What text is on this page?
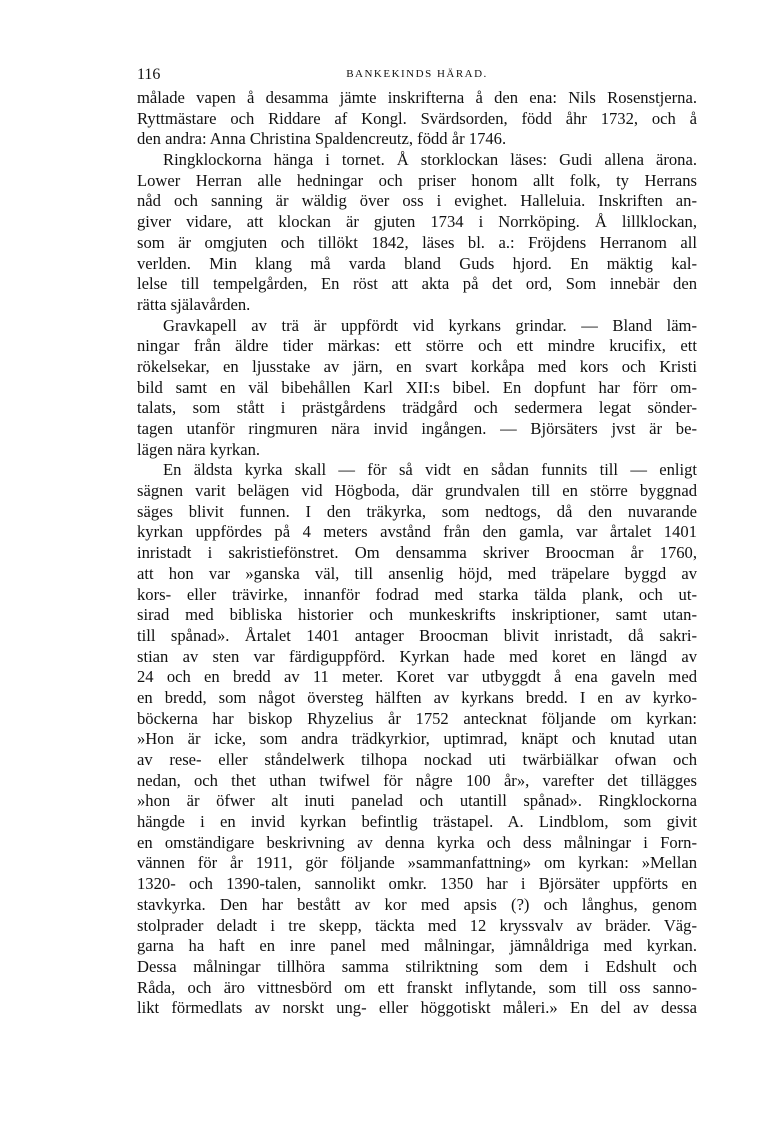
116	BANKEKINDS HÄRAD.
målade vapen å desamma jämte inskrifterna å den ena: Nils Rosenstjerna.
Ryttmästare och Riddare af Kongl. Svärdsorden, född åhr 1732, och å
den andra: Anna Christina Spaldencreutz, född år 1746.
Ringklockorna hänga i tornet. Å storklockan läses: Gudi allena ärona.
Lower Herran alle hedningar och priser honom allt folk, ty Herrans
nåd och sanning är wäldig över oss i evighet. Halleluia. Inskriften an-
giver vidare, att klockan är gjuten 1734 i Norrköping. Å lillklockan,
som är omgjuten och tillökt 1842, läses bl. a.: Fröjdens Herranom all
verlden. Min klang må varda bland Guds hjord. En mäktig kal-
lelse till tempelgården, En röst att akta på det ord, Som innebär den
rätta själavården.
Gravkapell av trä är uppfördt vid kyrkans grindar. — Bland läm-
ningar från äldre tider märkas: ett större och ett mindre krucifix, ett
rökelsekar, en ljusstake av järn, en svart korkåpa med kors och Kristi
bild samt en väl bibehållen Karl XII:s bibel. En dopfunt har förr om-
talats, som stått i prästgårdens trädgård och sedermera legat sönder-
tagen utanför ringmuren nära invid ingången. — Björsäters jvst är be-
lägen nära kyrkan.
En äldsta kyrka skall — för så vidt en sådan funnits till — enligt
sägnen varit belägen vid Högboda, där grundvalen till en större byggnad
säges blivit funnen. I den träkyrka, som nedtogs, då den nuvarande
kyrkan uppfördes på 4 meters avstånd från den gamla, var årtalet 1401
inristadt i sakristiefönstret. Om densamma skriver Broocman år 1760,
att hon var »ganska väl, till ansenlig höjd, med träpelare byggd av
kors- eller trävirke, innanför fodrad med starka tälda plank, och ut-
sirad med bibliska historier och munkeskrifts inskriptioner, samt utan-
till spånad». Årtalet 1401 antager Broocman blivit inristadt, då sakri-
stian av sten var färdiguppförd. Kyrkan hade med koret en längd av
24 och en bredd av 11 meter. Koret var utbyggdt å ena gaveln med
en bredd, som något översteg hälften av kyrkans bredd. I en av kyrko-
böckerna har biskop Rhyzelius år 1752 antecknat följande om kyrkan:
»Hon är icke, som andra trädkyrkior, uptimrad, knäpt och knutad utan
av rese- eller ståndelwerk tilhopa nockad uti twärbiälkar ofwan och
nedan, och thet uthan twifwel för någre 100 år», varefter det tillägges
»hon är öfwer alt inuti panelad och utantill spånad». Ringklockorna
hängde i en invid kyrkan befintlig trästapel. A. Lindblom, som givit
en omständigare beskrivning av denna kyrka och dess målningar i Forn-
vännen för år 1911, gör följande »sammanfattning» om kyrkan: »Mellan
1320- och 1390-talen, sannolikt omkr. 1350 har i Björsäter uppförts en
stavkyrka. Den har bestått av kor med apsis (?) och långhus, genom
stolprader deladt i tre skepp, täckta med 12 kryssvalv av bräder. Väg-
garna ha haft en inre panel med målningar, jämnåldriga med kyrkan.
Dessa målningar tillhöra samma stilriktning som dem i Edshult och
Råda, och äro vittnesbörd om ett franskt inflytande, som till oss sanno-
likt förmedlats av norskt ung- eller höggotiskt måleri.» En del av dessa
